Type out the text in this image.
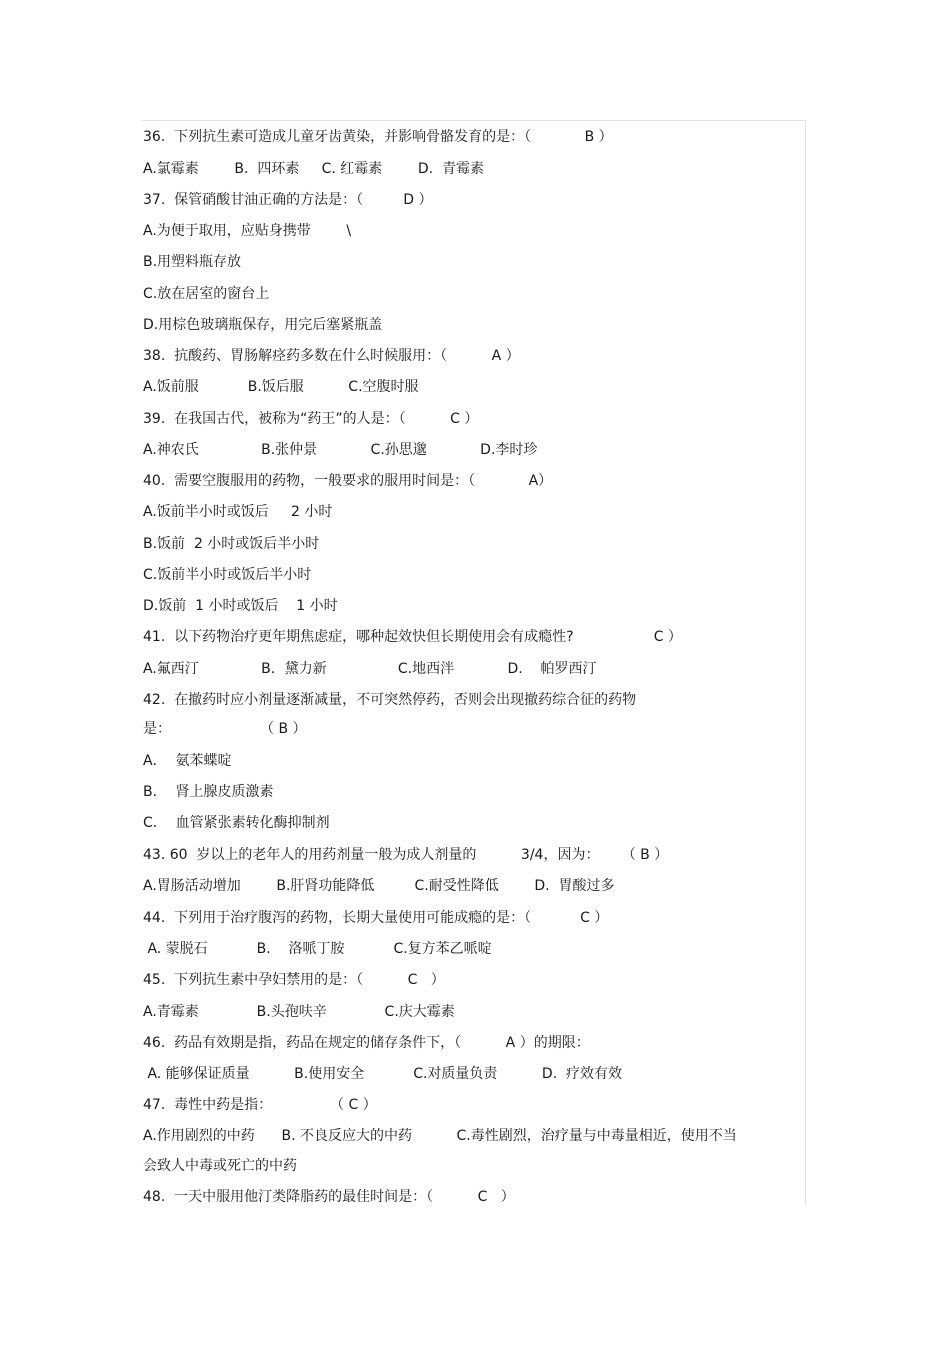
36.  下列抗生素可造成儿童牙齿黄染，并影响骨骼发育的是：（            B ）
A.氯霉素        B.  四环素     C. 红霉素        D.  青霉素
37.  保管硝酸甘油正确的方法是：（         D ）
A.为便于取用，应贴身携带        \
B.用塑料瓶存放
C.放在居室的窗台上
D.用棕色玻璃瓶保存，用完后塞紧瓶盖
38.  抗酸药、胃肠解痉药多数在什么时候服用：（          A ）
A.饭前服           B.饭后服          C.空腹时服
39.  在我国古代，被称为“药王”的人是：（          C ）
A.神农氏              B.张仲景            C.孙思邈            D.李时珍
40.  需要空腹服用的药物，一般要求的服用时间是：（            A）
A.饭前半小时或饭后     2 小时
B.饭前  2 小时或饭后半小时
C.饭前半小时或饭后半小时
D.饭前  1 小时或饭后    1 小时
41.  以下药物治疗更年期焦虑症，哪种起效快但长期使用会有成瘾性?                  C ）
A.氟西汀              B．黛力新                C.地西泮            D.    帕罗西汀
42.  在撤药时应小剂量逐渐减量，不可突然停药，否则会出现撤药综合征的药物
是：                    （ B ）
A．  氨苯蝶啶
B．  肾上腺皮质激素
C．  血管紧张素转化酶抑制剂
43. 60  岁以上的老年人的用药剂量一般为成人剂量的          3/4，因为：     （ B ）
A.胃肠活动增加        B.肝肾功能降低         C.耐受性降低        D.  胃酸过多
44.  下列用于治疗腹泻的药物，长期大量使用可能成瘾的是：（           C ）
A. 蒙脱石           B.    洛哌丁胺           C.复方苯乙哌啶
45.  下列抗生素中孕妇禁用的是：（          C   ）
A.青霉素             B.头孢呋辛             C.庆大霉素
46.  药品有效期是指，药品在规定的储存条件下，（          A ）的期限：
A. 能够保证质量          B.使用安全           C.对质量负责          D.  疗效有效
47.  毒性中药是指：             （ C ）
A.作用剧烈的中药      B. 不良反应大的中药          C.毒性剧烈，治疗量与中毒量相近，使用不当
会致人中毒或死亡的中药
48.  一天中服用他汀类降脂药的最佳时间是：（          C   ）
